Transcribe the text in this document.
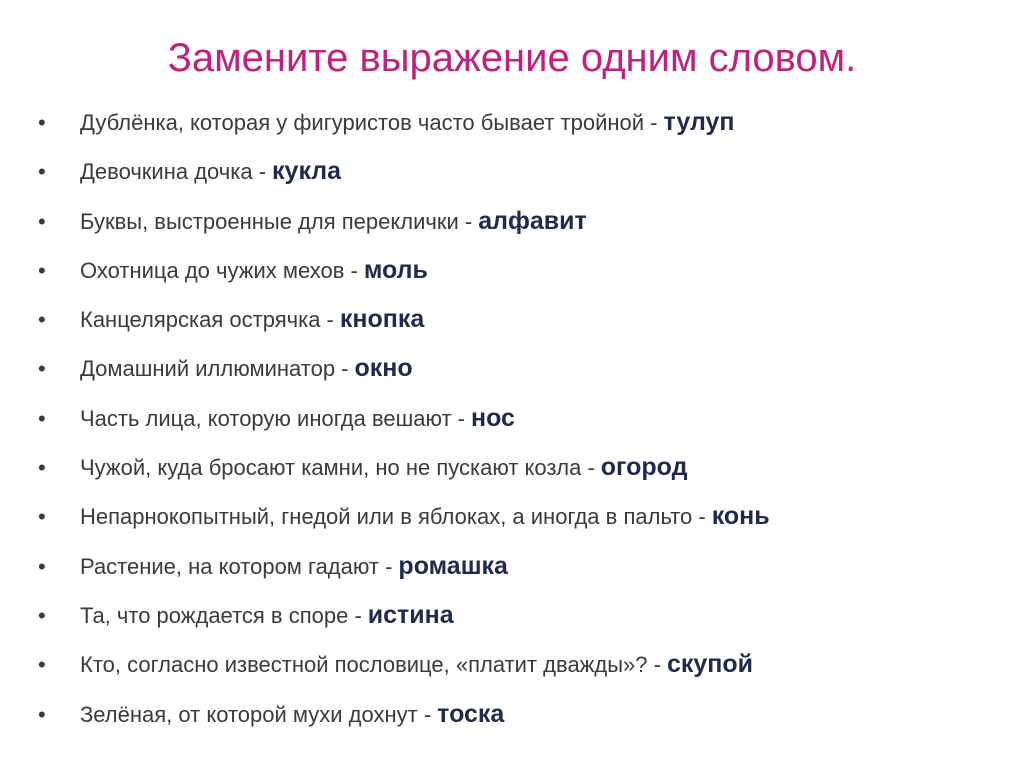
Замените выражение одним словом.
•	Дублёнка, которая у фигуристов часто бывает тройной - тулуп
•	Девочкина дочка - кукла
•	Буквы, выстроенные для переклички - алфавит
•	Охотница до чужих мехов - моль
•	Канцелярская острячка - кнопка
•	Домашний иллюминатор - окно
•	Часть лица, которую иногда вешают - нос
•	Чужой, куда бросают камни, но не пускают козла - огород
•	Непарнокопытный, гнедой или в яблоках, а иногда в пальто - конь
•	Растение, на котором гадают - ромашка
•	Та, что рождается в споре - истина
•	Кто, согласно известной пословице, «платит дважды»? - скупой
•	Зелёная, от которой мухи дохнут - тоска
